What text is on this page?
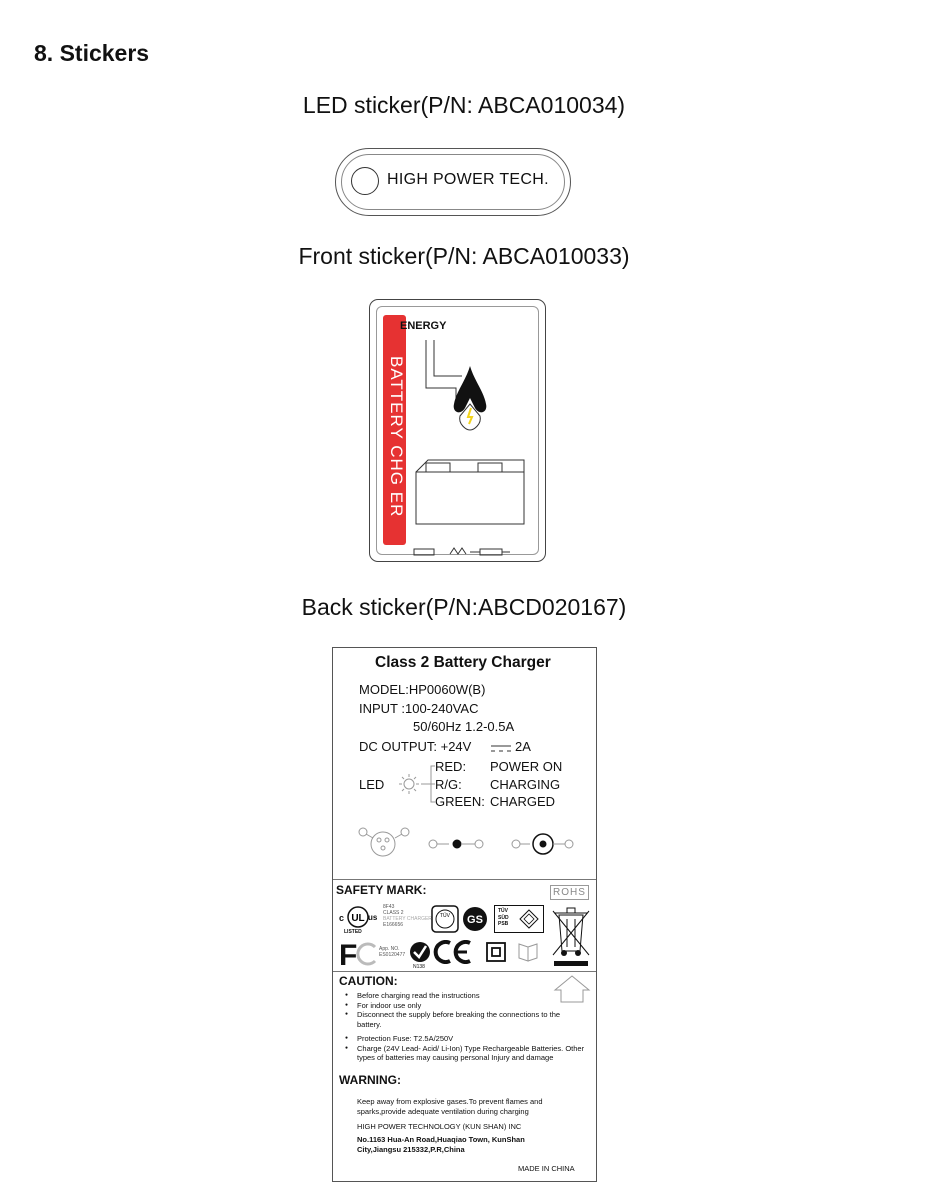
8. Stickers
LED sticker(P/N: ABCA010034)
HIGH POWER TECH.
Front sticker(P/N: ABCA010033)
BATTERY CHG ER
ENERGY
Back sticker(P/N:ABCD020167)
Class 2 Battery Charger
MODEL:HP0060W(B)
INPUT :100-240VAC
50/60Hz 1.2-0.5A
DC OUTPUT: +24V	2A
LED
RED: POWER ON
R/G: CHARGING
GREEN: CHARGED
SAFETY MARK:	ROHS
c UL us
LISTED
8F43
CLASS 2
BATTERY CHARGER
E166656
TÜV GS
TÜV
SÜD
PSB
F	App. NO.
ES0120477
N138
CAUTION:
● Before charging read the instructions
● For indoor use only
● Disconnect the supply before breaking the connections to the battery.
● Protection Fuse: T2.5A/250V
● Charge (24V Lead- Acid/ Li-Ion) Type Rechargeable Batteries. Other types of batteries may causing personal Injury and damage
WARNING:
Keep away from explosive gases.To prevent flames and sparks,provide adequate ventilation during charging
HIGH POWER TECHNOLOGY (KUN SHAN) INC
No.1163 Hua-An Road,Huaqiao Town, KunShan
City,Jiangsu 215332,P.R,China
MADE IN CHINA
